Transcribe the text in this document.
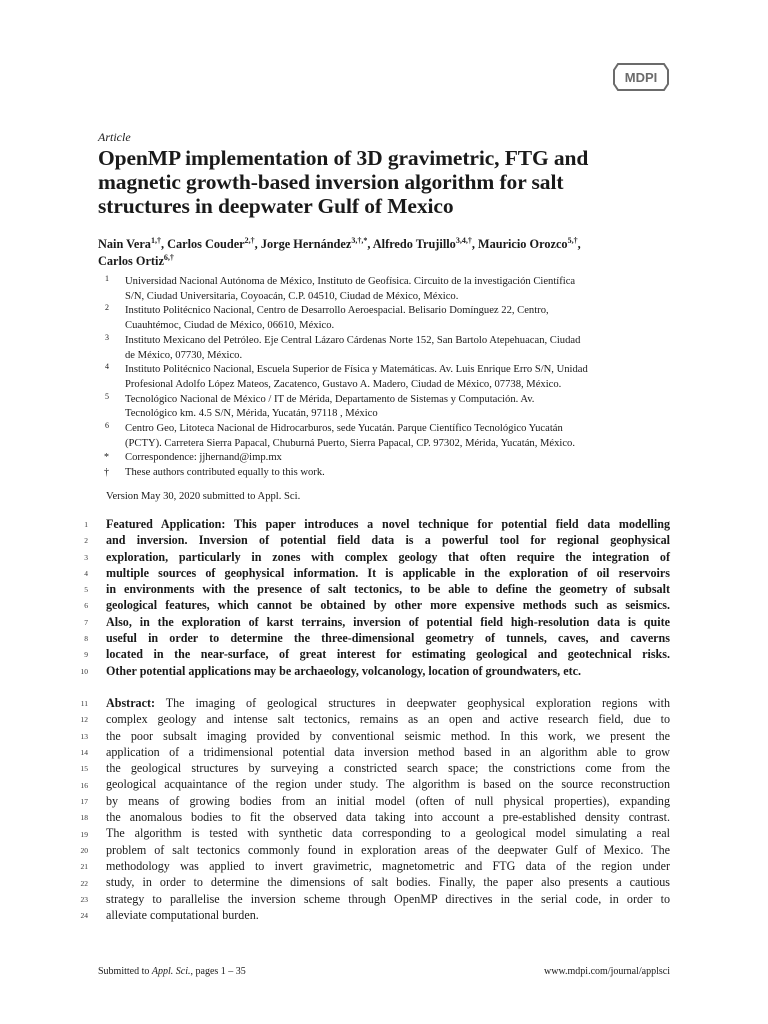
MDPI
Article
OpenMP implementation of 3D gravimetric, FTG and
magnetic growth-based inversion algorithm for salt
structures in deepwater Gulf of Mexico
Nain Vera$^{1,\dagger}$, Carlos Couder$^{2,\dagger}$, Jorge Hernández$^{3,\dagger,*}$, Alfredo Trujillo$^{3,4,\dagger}$, Mauricio Orozco$^{5,\dagger}$,
Carlos Ortiz$^{6,\dagger}$
1 Universidad Nacional Autónoma de México, Instituto de Geofísica. Circuito de la investigación Científica
S/N, Ciudad Universitaria, Coyoacán, C.P. 04510, Ciudad de México, México.
2 Instituto Politécnico Nacional, Centro de Desarrollo Aeroespacial. Belisario Domínguez 22, Centro,
Cuauhtémoc, Ciudad de México, 06610, México.
3 Instituto Mexicano del Petróleo. Eje Central Lázaro Cárdenas Norte 152, San Bartolo Atepehuacan, Ciudad
de México, 07730, México.
4 Instituto Politécnico Nacional, Escuela Superior de Física y Matemáticas. Av. Luis Enrique Erro S/N, Unidad
Profesional Adolfo López Mateos, Zacatenco, Gustavo A. Madero, Ciudad de México, 07738, México.
5 Tecnológico Nacional de México / IT de Mérida, Departamento de Sistemas y Computación. Av.
Tecnológico km. 4.5 S/N, Mérida, Yucatán, 97118 , México
6 Centro Geo, Litoteca Nacional de Hidrocarburos, sede Yucatán. Parque Científico Tecnológico Yucatán
(PCTY). Carretera Sierra Papacal, Chuburná Puerto, Sierra Papacal, CP. 97302, Mérida, Yucatán, México.
* Correspondence: jjhernand@imp.mx
† These authors contributed equally to this work.
Version May 30, 2020 submitted to Appl. Sci.
Featured Application: This paper introduces a novel technique for potential field data modelling
and inversion. Inversion of potential field data is a powerful tool for regional geophysical
exploration, particularly in zones with complex geology that often require the integration of
multiple sources of geophysical information. It is applicable in the exploration of oil reservoirs
in environments with the presence of salt tectonics, to be able to define the geometry of subsalt
geological features, which cannot be obtained by other more expensive methods such as seismics.
Also, in the exploration of karst terrains, inversion of potential field high-resolution data is quite
useful in order to determine the three-dimensional geometry of tunnels, caves, and caverns
located in the near-surface, of great interest for estimating geological and geotechnical risks.
Other potential applications may be archaeology, volcanology, location of groundwaters, etc.
Abstract: The imaging of geological structures in deepwater geophysical exploration regions with
complex geology and intense salt tectonics, remains as an open and active research field, due to
the poor subsalt imaging provided by conventional seismic method. In this work, we present the
application of a tridimensional potential data inversion method based in an algorithm able to grow
the geological structures by surveying a constricted search space; the constrictions come from the
geological acquaintance of the region under study. The algorithm is based on the source reconstruction
by means of growing bodies from an initial model (often of null physical properties), expanding
the anomalous bodies to fit the observed data taking into account a pre-established density contrast.
The algorithm is tested with synthetic data corresponding to a geological model simulating a real
problem of salt tectonics commonly found in exploration areas of the deepwater Gulf of Mexico. The
methodology was applied to invert gravimetric, magnetometric and FTG data of the region under
study, in order to determine the dimensions of salt bodies. Finally, the paper also presents a cautious
strategy to parallelise the inversion scheme through OpenMP directives in the serial code, in order to
alleviate computational burden.
1
2
3
4
5
6
7
8
9
10
11
12
13
14
15
16
17
18
19
20
21
22
23
24
Submitted to Appl. Sci., pages 1 – 35	www.mdpi.com/journal/applsci
